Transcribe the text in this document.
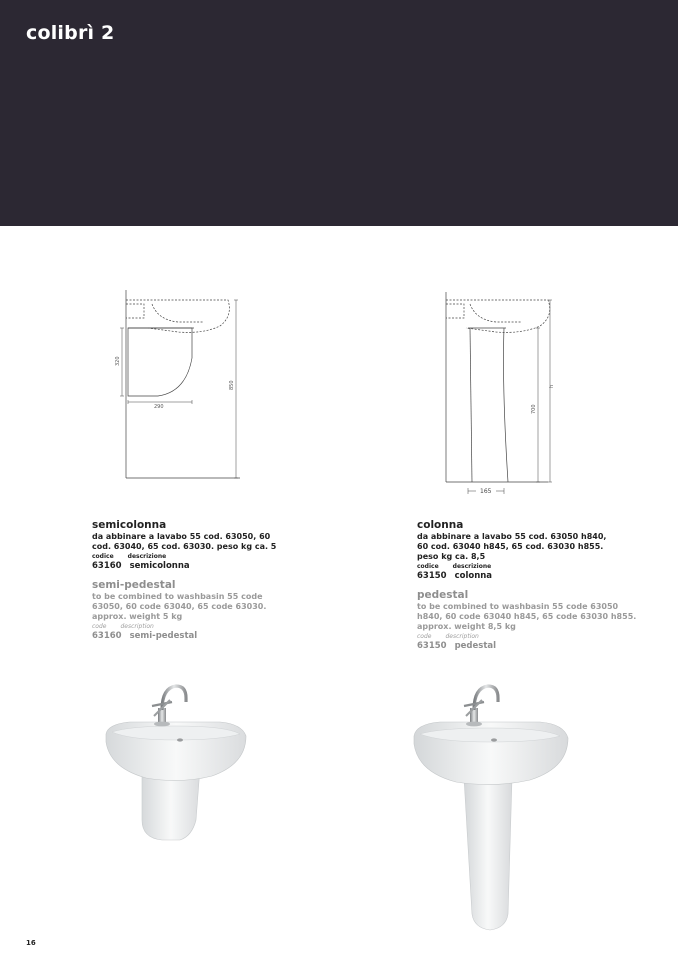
colibrì 2
320
290
850	h
700
165
semicolonna
da abbinare a lavabo 55 cod. 63050, 60
cod. 63040, 65 cod. 63030. peso kg ca. 5
codice descrizione
63160 semicolonna
semi-pedestal
to be combined to washbasin 55 code
63050, 60 code 63040, 65 code 63030.
approx. weight 5 kg
code description
63160 semi-pedestal
colonna
da abbinare a lavabo 55 cod. 63050 h840,
60 cod. 63040 h845, 65 cod. 63030 h855.
peso kg ca. 8,5
codice descrizione
63150 colonna
pedestal
to be combined to washbasin 55 code 63050
h840, 60 code 63040 h845, 65 code 63030 h855.
approx. weight 8,5 kg
code description
63150 pedestal
16
